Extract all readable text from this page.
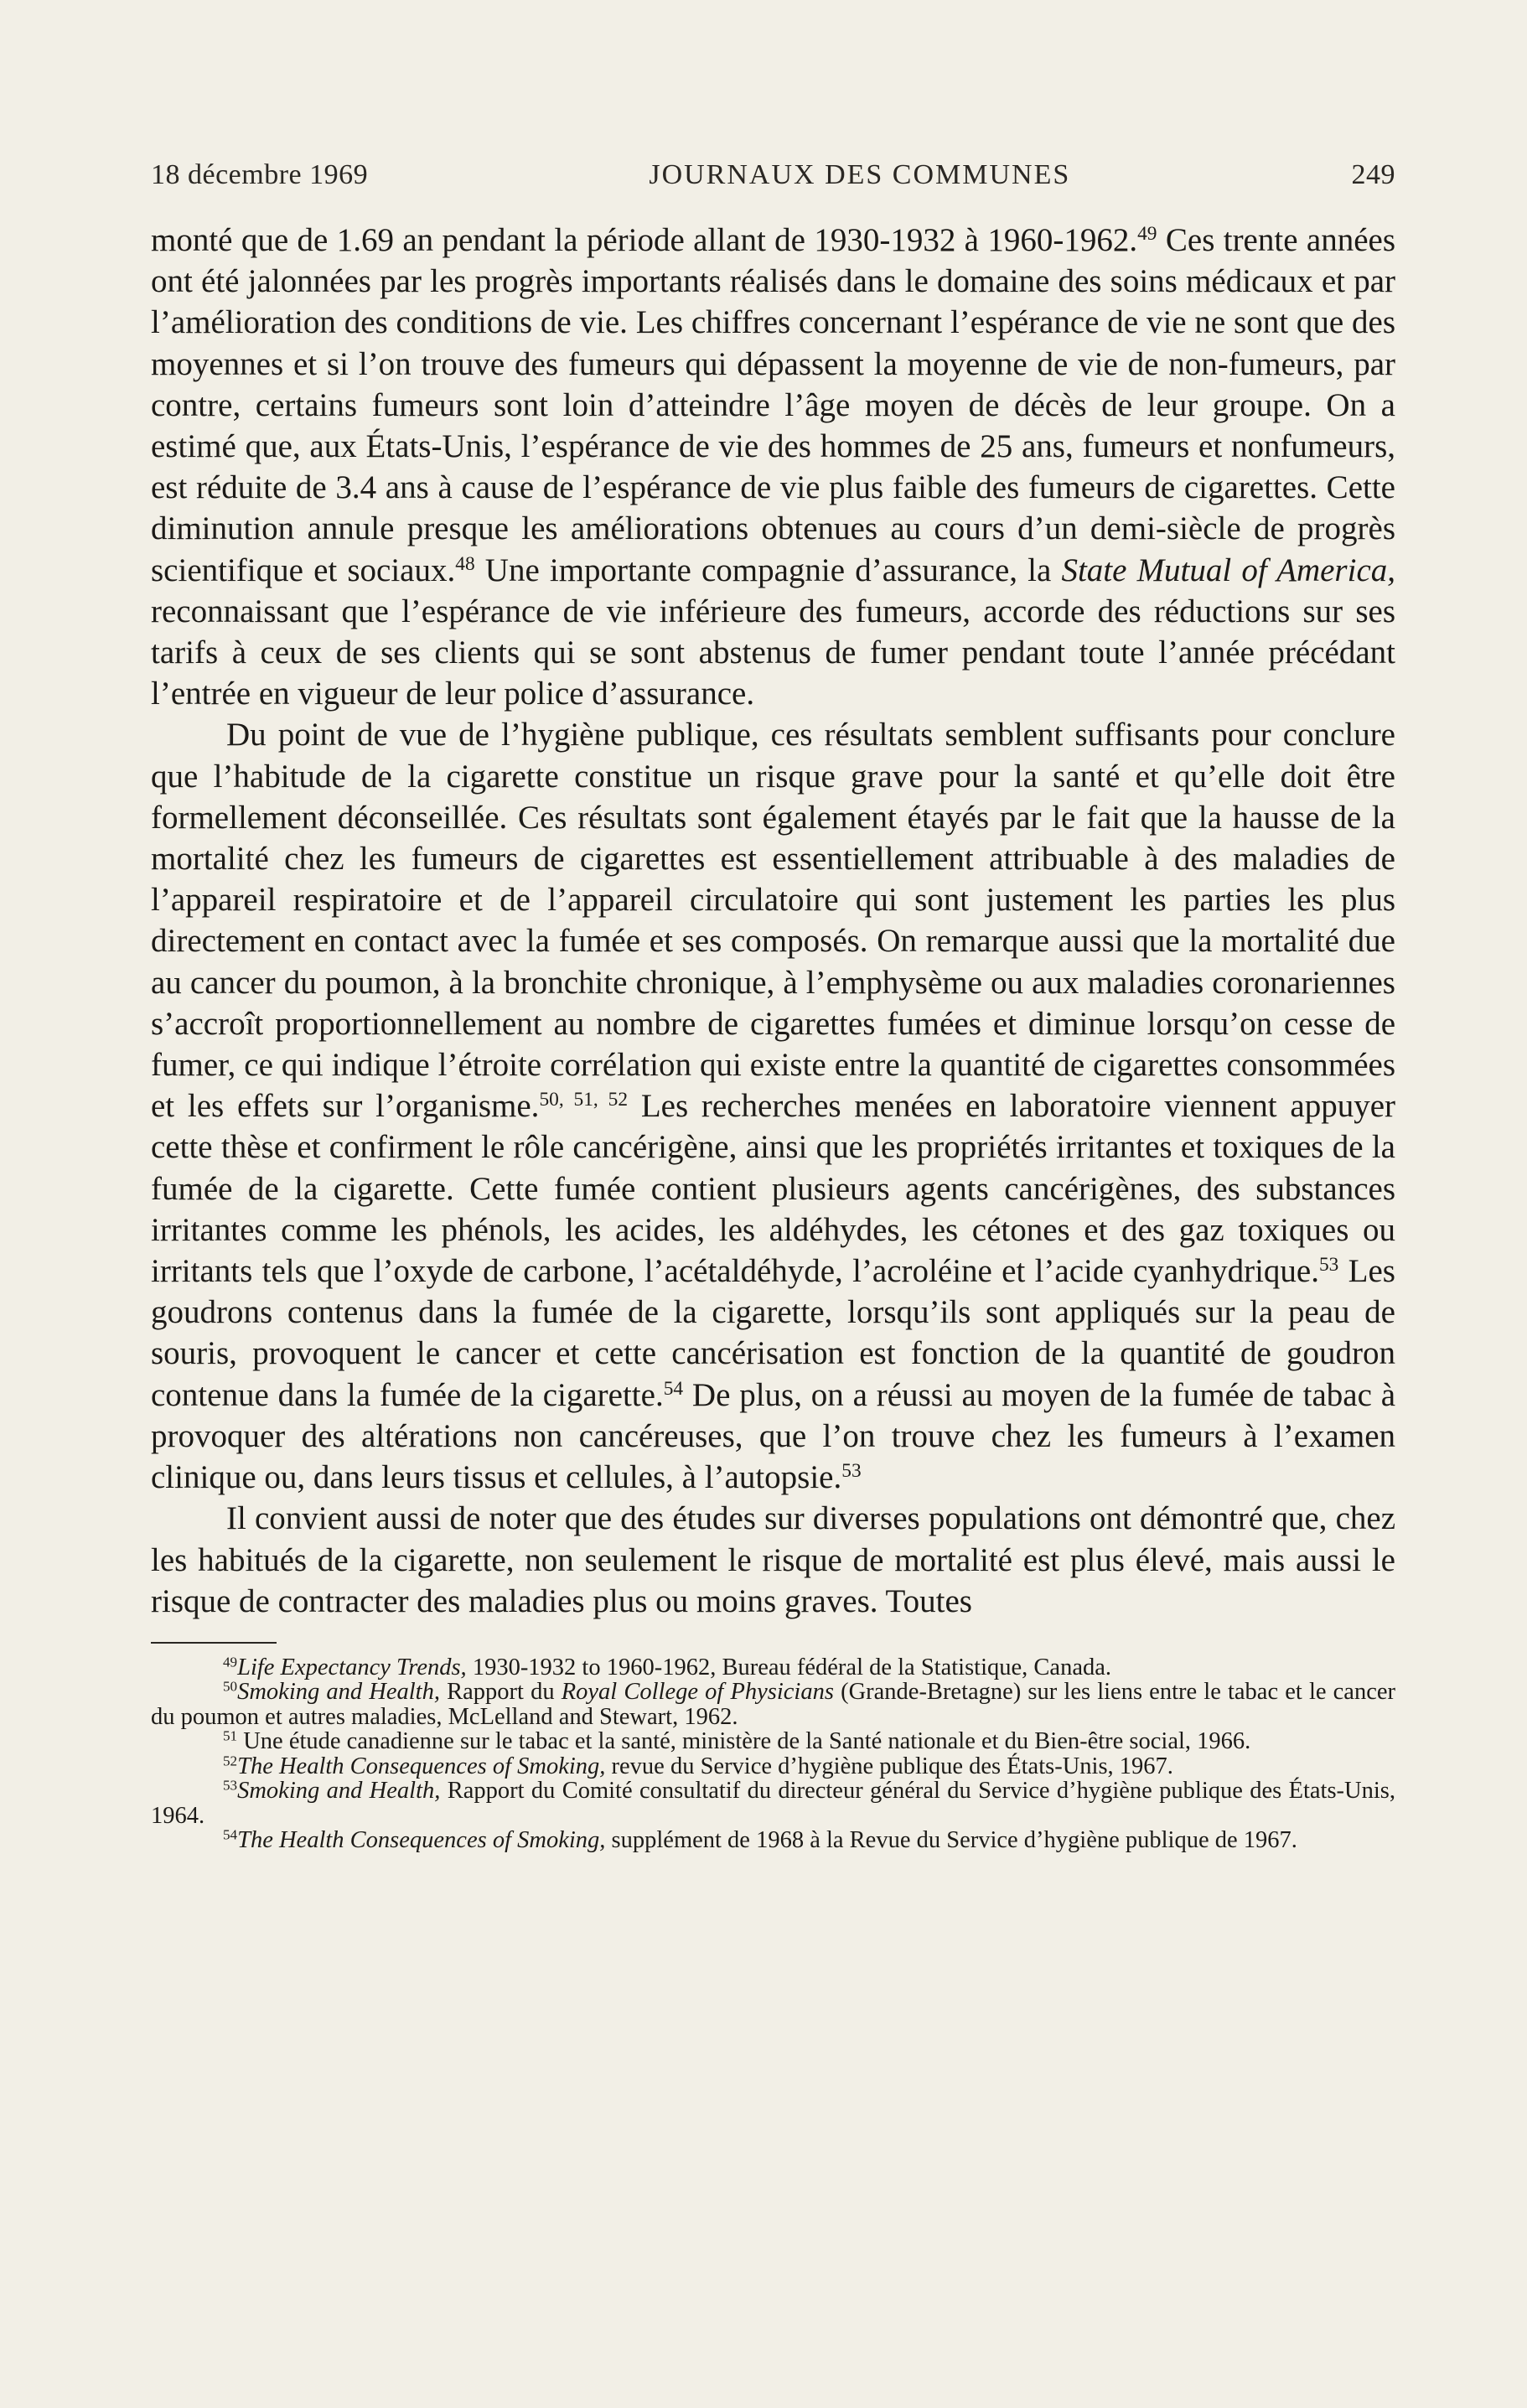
18 décembre 1969	JOURNAUX DES COMMUNES	249

monté que de 1.69 an pendant la période allant de 1930-1932 à 1960-1962.49 Ces trente années ont été jalonnées par les progrès importants réalisés dans le domaine des soins médicaux et par l’amélioration des conditions de vie. Les chiffres concernant l’espérance de vie ne sont que des moyennes et si l’on trouve des fumeurs qui dépassent la moyenne de vie de non-fumeurs, par contre, certains fumeurs sont loin d’atteindre l’âge moyen de décès de leur groupe. On a estimé que, aux États-Unis, l’espérance de vie des hommes de 25 ans, fumeurs et nonfumeurs, est réduite de 3.4 ans à cause de l’espérance de vie plus faible des fumeurs de cigarettes. Cette diminution annule presque les améliorations obtenues au cours d’un demi-siècle de progrès scientifique et sociaux.$^{48}$ Une importante compagnie d’assurance, la State Mutual of America, reconnaissant que l’espérance de vie inférieure des fumeurs, accorde des réductions sur ses tarifs à ceux de ses clients qui se sont abstenus de fumer pendant toute l’année précédant l’entrée en vigueur de leur police d’assurance.

Du point de vue de l’hygiène publique, ces résultats semblent suffisants pour conclure que l’habitude de la cigarette constitue un risque grave pour la santé et qu’elle doit être formellement déconseillée. Ces résultats sont également étayés par le fait que la hausse de la mortalité chez les fumeurs de cigarettes est essentiellement attribuable à des maladies de l’appareil respiratoire et de l’appareil circulatoire qui sont justement les parties les plus directement en contact avec la fumée et ses composés. On remarque aussi que la mortalité due au cancer du poumon, à la bronchite chronique, à l’emphysème ou aux maladies coronariennes s’accroît proportionnellement au nombre de cigarettes fumées et diminue lorsqu’on cesse de fumer, ce qui indique l’étroite corrélation qui existe entre la quantité de cigarettes consommées et les effets sur l’organisme.$^{50, 51, 52}$ Les recherches menées en laboratoire viennent appuyer cette thèse et confirment le rôle cancérigène, ainsi que les propriétés irritantes et toxiques de la fumée de la cigarette. Cette fumée contient plusieurs agents cancérigènes, des substances irritantes comme les phénols, les acides, les aldéhydes, les cétones et des gaz toxiques ou irritants tels que l’oxyde de carbone, l’acétaldéhyde, l’acroléine et l’acide cyanhydrique.$^{53}$ Les goudrons contenus dans la fumée de la cigarette, lorsqu’ils sont appliqués sur la peau de souris, provoquent le cancer et cette cancérisation est fonction de la quantité de goudron contenue dans la fumée de la cigarette.$^{54}$ De plus, on a réussi au moyen de la fumée de tabac à provoquer des altérations non cancéreuses, que l’on trouve chez les fumeurs à l’examen clinique ou, dans leurs tissus et cellules, à l’autopsie.$^{53}$

Il convient aussi de noter que des études sur diverses populations ont démontré que, chez les habitués de la cigarette, non seulement le risque de mortalité est plus élevé, mais aussi le risque de contracter des maladies plus ou moins graves. Toutes

$^{49}$Life Expectancy Trends, 1930-1932 to 1960-1962, Bureau fédéral de la Statistique, Canada.

$^{50}$Smoking and Health, Rapport du Royal College of Physicians (Grande-Bretagne) sur les liens entre le tabac et le cancer du poumon et autres maladies, McLelland and Stewart, 1962.

$^{51}$ Une étude canadienne sur le tabac et la santé, ministère de la Santé nationale et du Bien-être social, 1966.

$^{52}$The Health Consequences of Smoking, revue du Service d’hygiène publique des États-Unis, 1967.

$^{53}$Smoking and Health, Rapport du Comité consultatif du directeur général du Service d’hygiène publique des États-Unis, 1964.

$^{54}$The Health Consequences of Smoking, supplément de 1968 à la Revue du Service d’hygiène publique de 1967.
